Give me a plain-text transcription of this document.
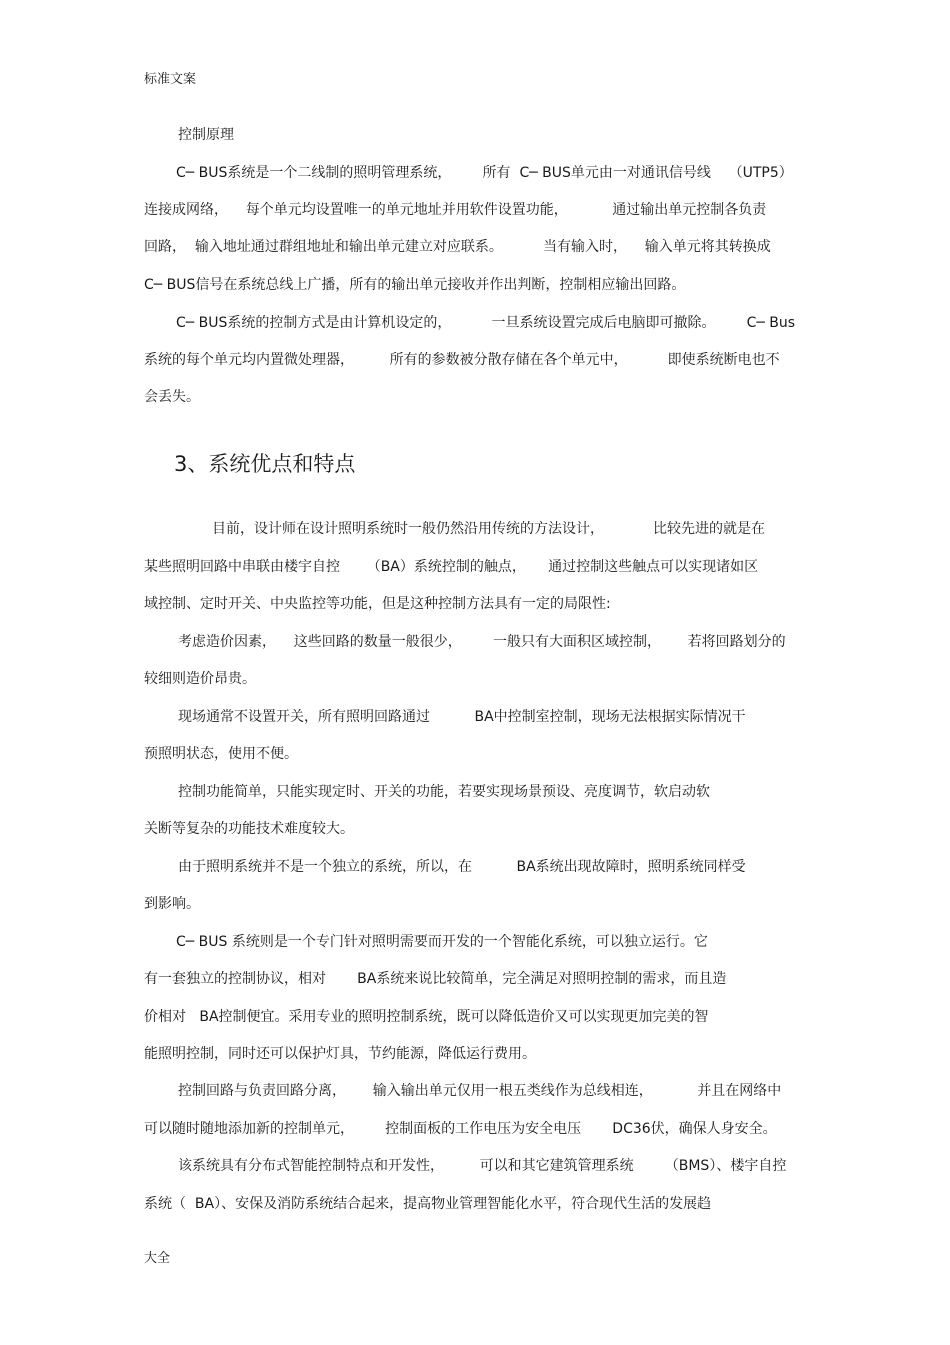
标准文案
控制原理
C─ BUS系统是一个二线制的照明管理系统，       所有  C─ BUS单元由一对通讯信号线    （UTP5）
连接成网络，    每个单元均设置唯一的单元地址并用软件设置功能，          通过输出单元控制各负责
回路，  输入地址通过群组地址和输出单元建立对应联系。         当有输入时，    输入单元将其转换成
C─ BUS信号在系统总线上广播，所有的输出单元接收并作出判断，控制相应输出回路。
C─ BUS系统的控制方式是由计算机设定的，         一旦系统设置完成后电脑即可撤除。       C─ Bus
系统的每个单元均内置微处理器，        所有的参数被分散存储在各个单元中，         即使系统断电也不
会丢失。
3、系统优点和特点
目前，设计师在设计照明系统时一般仍然沿用传统的方法设计，           比较先进的就是在
某些照明回路中串联由楼宇自控      （BA）系统控制的触点，     通过控制这些触点可以实现诸如区
域控制、定时开关、中央监控等功能，但是这种控制方法具有一定的局限性:
考虑造价因素，    这些回路的数量一般很少，       一般只有大面积区域控制，      若将回路划分的
较细则造价昂贵。
现场通常不设置开关，所有照明回路通过          BA中控制室控制，现场无法根据实际情况干
预照明状态，使用不便。
控制功能简单，只能实现定时、开关的功能，若要实现场景预设、亮度调节，软启动软
关断等复杂的功能技术难度较大。
由于照明系统并不是一个独立的系统，所以，在          BA系统出现故障时，照明系统同样受
到影响。
C─ BUS 系统则是一个专门针对照明需要而开发的一个智能化系统，可以独立运行。它
有一套独立的控制协议，相对       BA系统来说比较简单，完全满足对照明控制的需求，而且造
价相对   BA控制便宜。采用专业的照明控制系统，既可以降低造价又可以实现更加完美的智
能照明控制，同时还可以保护灯具，节约能源，降低运行费用。
控制回路与负责回路分离，      输入输出单元仅用一根五类线作为总线相连，          并且在网络中
可以随时随地添加新的控制单元，       控制面板的工作电压为安全电压       DC36伏，确保人身安全。
该系统具有分布式智能控制特点和开发性，        可以和其它建筑管理系统       （BMS）、楼宇自控
系统（  BA）、安保及消防系统结合起来，提高物业管理智能化水平，符合现代生活的发展趋
大全
